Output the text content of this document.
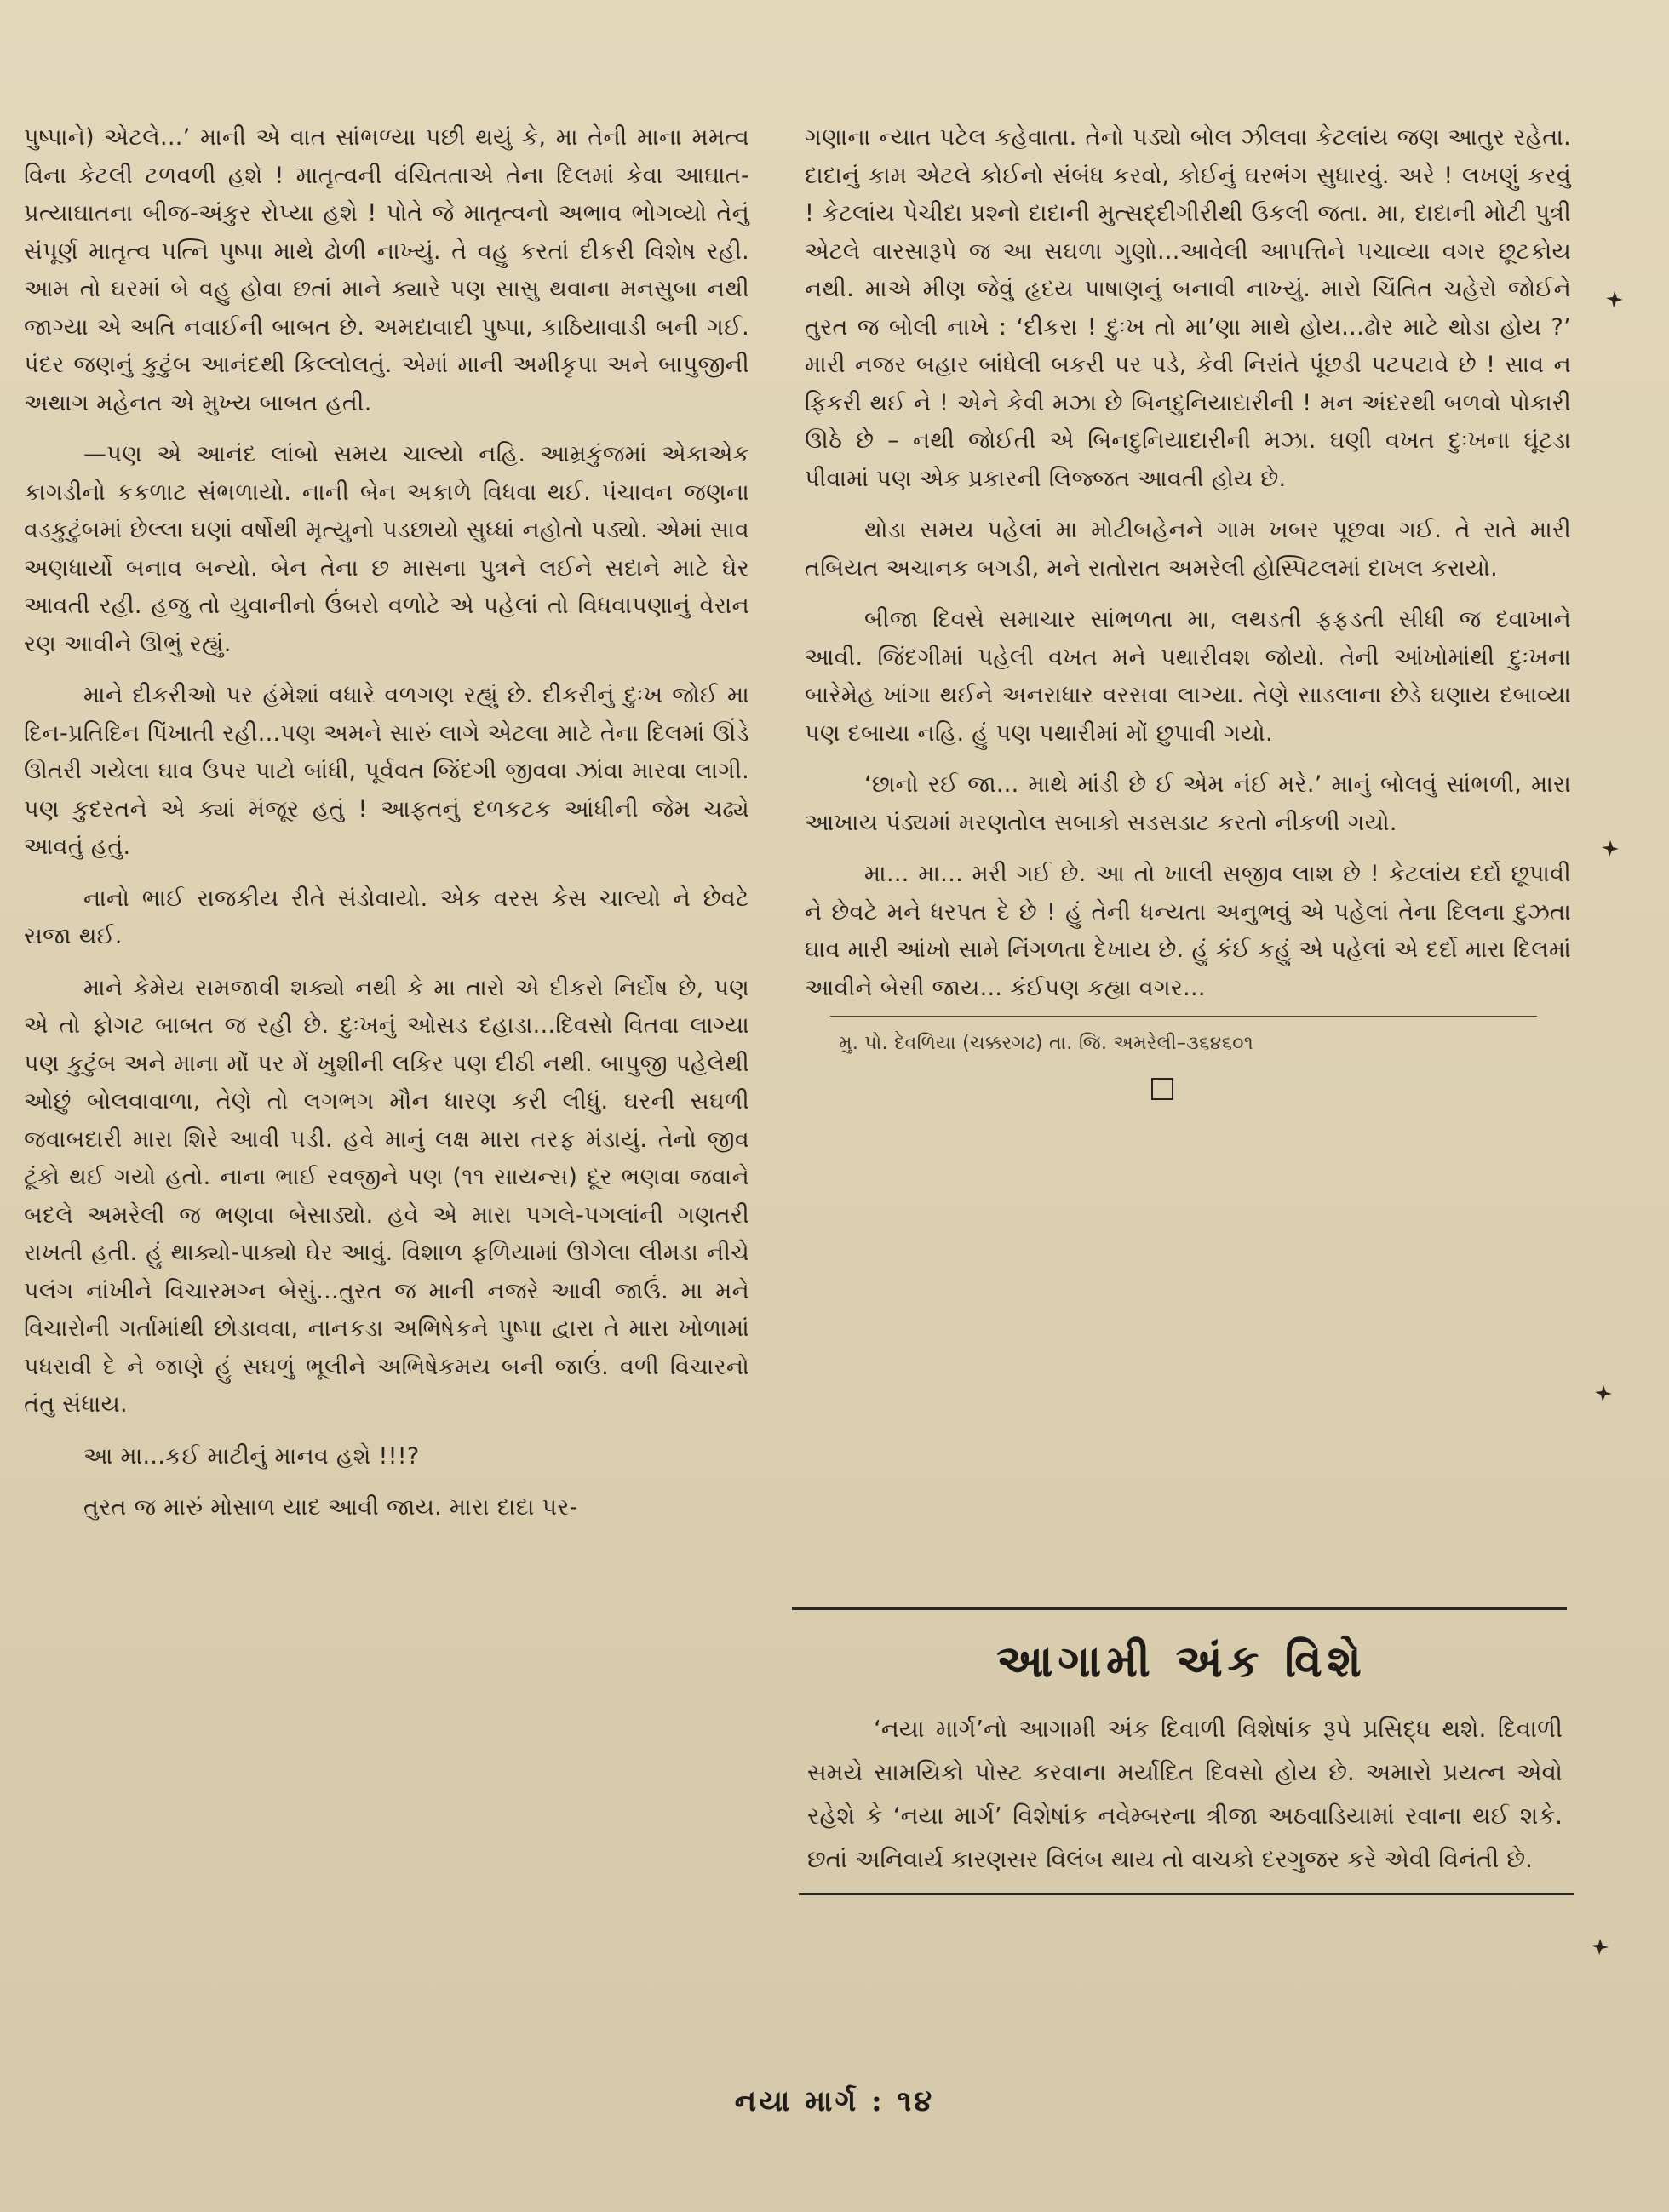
પુષ્પાને) એટલે...’ માની એ વાત સાંભળ્યા પછી થયું કે, મા તેની માના મમત્વ વિના કેટલી ટળવળી હશે ! માતૃત્વની વંચિતતાએ તેના દિલમાં કેવા આઘાત-પ્રત્યાઘાતના બીજ-અંકુર રોપ્યા હશે ! પોતે જે માતૃત્વનો અભાવ ભોગવ્યો તેનું સંપૂર્ણ માતૃત્વ પત્નિ પુષ્પા માથે ઢોળી નાખ્યું. તે વહુ કરતાં દીકરી વિશેષ રહી. આમ તો ઘરમાં બે વહુ હોવા છતાં માને ક્યારે પણ સાસુ થવાના મનસુબા નથી જાગ્યા એ અતિ નવાઈની બાબત છે. અમદાવાદી પુષ્પા, કાઠિયાવાડી બની ગઈ. પંદર જણનું કુટુંબ આનંદથી કિલ્લોલતું. એમાં માની અમીકૃપા અને બાપુજીની અથાગ મહેનત એ મુખ્ય બાબત હતી.

—પણ એ આનંદ લાંબો સમય ચાલ્યો નહિ. આમ્રકુંજમાં એકાએક કાગડીનો કકળાટ સંભળાયો. નાની બેન અકાળે વિધવા થઈ. પંચાવન જણના વડકુટુંબમાં છેલ્લા ઘણાં વર્ષોથી મૃત્યુનો પડછાયો સુધ્ધાં નહોતો પડ્યો. એમાં સાવ અણધાર્યો બનાવ બન્યો. બેન તેના છ માસના પુત્રને લઈને સદાને માટે ઘેર આવતી રહી. હજુ તો યુવાનીનો ઉંબરો વળોટે એ પહેલાં તો વિધવાપણાનું વેરાન રણ આવીને ઊભું રહ્યું.

માને દીકરીઓ પર હંમેશાં વધારે વળગણ રહ્યું છે. દીકરીનું દુઃખ જોઈ મા દિન-પ્રતિદિન પિંખાતી રહી...પણ અમને સારું લાગે એટલા માટે તેના દિલમાં ઊંડે ઊતરી ગયેલા ઘાવ ઉપર પાટો બાંધી, પૂર્વવત જિંદગી જીવવા ઝાંવા મારવા લાગી. પણ કુદરતને એ ક્યાં મંજૂર હતું ! આફતનું દળકટક આંધીની જેમ ચઢ્યે આવતું હતું.

નાનો ભાઈ રાજકીય રીતે સંડોવાયો. એક વરસ કેસ ચાલ્યો ને છેવટે સજા થઈ.

માને કેમેય સમજાવી શક્યો નથી કે મા તારો એ દીકરો નિર્દોષ છે, પણ એ તો ફોગટ બાબત જ રહી છે. દુઃખનું ઓસડ દહાડા...દિવસો વિતવા લાગ્યા પણ કુટુંબ અને માના મોં પર મેં ખુશીની લકિર પણ દીઠી નથી. બાપુજી પહેલેથી ઓછું બોલવાવાળા, તેણે તો લગભગ મૌન ધારણ કરી લીધું. ઘરની સઘળી જવાબદારી મારા શિરે આવી પડી. હવે માનું લક્ષ મારા તરફ મંડાયું. તેનો જીવ ટૂંકો થઈ ગયો હતો. નાના ભાઈ રવજીને પણ (૧૧ સાયન્સ) દૂર ભણવા જવાને બદલે અમરેલી જ ભણવા બેસાડ્યો. હવે એ મારા પગલે-પગલાંની ગણતરી રાખતી હતી. હું થાક્યો-પાક્યો ઘેર આવું. વિશાળ ફળિયામાં ઊગેલા લીમડા નીચે પલંગ નાંખીને વિચારમગ્ન બેસું...તુરત જ માની નજરે આવી જાઉં. મા મને વિચારોની ગર્તામાંથી છોડાવવા, નાનકડા અભિષેકને પુષ્પા દ્વારા તે મારા ખોળામાં પધરાવી દે ને જાણે હું સઘળું ભૂલીને અભિષેકમય બની જાઉં. વળી વિચારનો તંતુ સંધાય.

આ મા...કઈ માટીનું માનવ હશે !!!?

તુરત જ મારું મોસાળ યાદ આવી જાય. મારા દાદા પર-

ગણાના ન્યાત પટેલ કહેવાતા. તેનો પડ્યો બોલ ઝીલવા કેટલાંય જણ આતુર રહેતા. દાદાનું કામ એટલે કોઈનો સંબંધ કરવો, કોઈનું ઘરભંગ સુધારવું. અરે ! લખણું કરવું ! કેટલાંય પેચીદા પ્રશ્નો દાદાની મુત્સદ્દીગીરીથી ઉકલી જતા. મા, દાદાની મોટી પુત્રી એટલે વારસારૂપે જ આ સઘળા ગુણો...આવેલી આપત્તિને પચાવ્યા વગર છૂટકોય નથી. માએ મીણ જેવું હૃદય પાષાણનું બનાવી નાખ્યું. મારો ચિંતિત ચહેરો જોઈને તુરત જ બોલી નાખે : ‘દીકરા ! દુઃખ તો મા’ણા માથે હોય...ઢોર માટે થોડા હોય ?’ મારી નજર બહાર બાંધેલી બકરી પર પડે, કેવી નિરાંતે પૂંછડી પટપટાવે છે ! સાવ ન ફિકરી થઈ ને ! એને કેવી મઝા છે બિનદુનિયાદારીની ! મન અંદરથી બળવો પોકારી ઊઠે છે – નથી જોઈતી એ બિનદુનિયાદારીની મઝા. ઘણી વખત દુઃખના ઘૂંટડા પીવામાં પણ એક પ્રકારની લિજ્જત આવતી હોય છે.

થોડા સમય પહેલાં મા મોટીબહેનને ગામ ખબર પૂછવા ગઈ. તે રાતે મારી તબિયત અચાનક બગડી, મને રાતોરાત અમરેલી હોસ્પિટલમાં દાખલ કરાયો.

બીજા દિવસે સમાચાર સાંભળતા મા, લથડતી ફફડતી સીધી જ દવાખાને આવી. જિંદગીમાં પહેલી વખત મને પથારીવશ જોયો. તેની આંખોમાંથી દુઃખના બારેમેહ ખાંગા થઈને અનરાધાર વરસવા લાગ્યા. તેણે સાડલાના છેડે ઘણાય દબાવ્યા પણ દબાયા નહિ. હું પણ પથારીમાં મોં છુપાવી ગયો.

‘છાનો રઈ જા... માથે માંડી છે ઈ એમ નંઈ મરે.’ માનું બોલવું સાંભળી, મારા આખાય પંડ્યમાં મરણતોલ સબાકો સડસડાટ કરતો નીકળી ગયો.

મા... મા... મરી ગઈ છે. આ તો ખાલી સજીવ લાશ છે ! કેટલાંય દર્દો છૂપાવી ને છેવટે મને ધરપત દે છે ! હું તેની ધન્યતા અનુભવું એ પહેલાં તેના દિલના દુઝતા ઘાવ મારી આંખો સામે નિંગળતા દેખાય છે. હું કંઈ કહું એ પહેલાં એ દર્દો મારા દિલમાં આવીને બેસી જાય... કંઈપણ કહ્યા વગર...

મુ. પો. દેવળિયા (ચક્કરગઢ) તા. જિ. અમરેલી–૩૬૪૬૦૧
આગામી અંક વિશે
‘નયા માર્ગ’નો આગામી અંક દિવાળી વિશેષાંક રૂપે પ્રસિદ્ધ થશે. દિવાળી સમયે સામયિકો પોસ્ટ કરવાના મર્યાદિત દિવસો હોય છે. અમારો પ્રયત્ન એવો રહેશે કે ‘નયા માર્ગ’ વિશેષાંક નવેમ્બરના ત્રીજા અઠવાડિયામાં રવાના થઈ શકે. છતાં અનિવાર્ય કારણસર વિલંબ થાય તો વાચકો દરગુજર કરે એવી વિનંતી છે.
નયા માર્ગ : ૧૪
